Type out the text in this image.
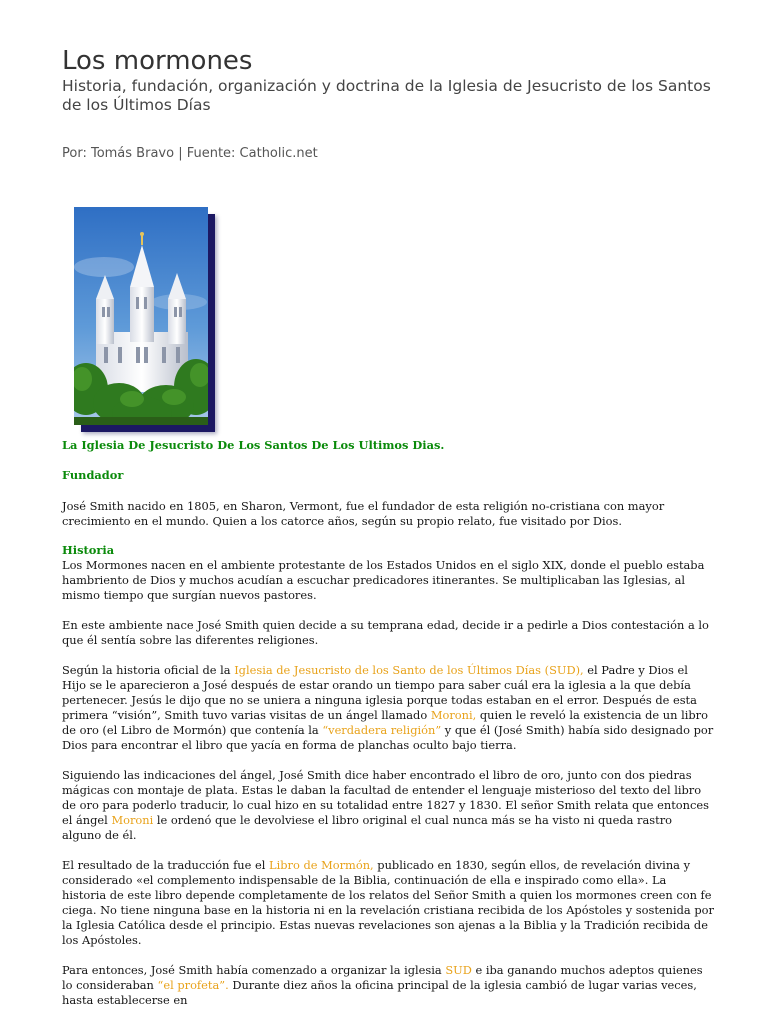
Los mormones
Historia, fundación, organización y doctrina de la Iglesia de Jesucristo de los Santos de los Últimos Días
Por: Tomás Bravo | Fuente: Catholic.net

La Iglesia De Jesucristo De Los Santos De Los Ultimos Dias.

Fundador

José Smith nacido en 1805, en Sharon, Vermont, fue el fundador de esta religión no-cristiana con mayor crecimiento en el mundo. Quien a los catorce años, según su propio relato, fue visitado por Dios.

Historia

Los Mormones nacen en el ambiente protestante de los Estados Unidos en el siglo XIX, donde el pueblo estaba hambriento de Dios y muchos acudían a escuchar predicadores itinerantes. Se multiplicaban las Iglesias, al mismo tiempo que surgían nuevos pastores.

En este ambiente nace José Smith quien decide a su temprana edad, decide ir a pedirle a Dios contestación a lo que él sentía sobre las diferentes religiones.

Según la historia oficial de la Iglesia de Jesucristo de los Santo de los Últimos Días (SUD), el Padre y Dios el Hijo se le aparecieron a José después de estar orando un tiempo para saber cuál era la iglesia a la que debía pertenecer. Jesús le dijo que no se uniera a ninguna iglesia porque todas estaban en el error. Después de esta primera “visión”, Smith tuvo varias visitas de un ángel llamado Moroni, quien le reveló la existencia de un libro de oro (el Libro de Mormón) que contenía la “verdadera religión” y que él (José Smith) había sido designado por Dios para encontrar el libro que yacía en forma de planchas oculto bajo tierra.

Siguiendo las indicaciones del ángel, José Smith dice haber encontrado el libro de oro, junto con dos piedras mágicas con montaje de plata. Estas le daban la facultad de entender el lenguaje misterioso del texto del libro de oro para poderlo traducir, lo cual hizo en su totalidad entre 1827 y 1830. El señor Smith relata que entonces el ángel Moroni le ordenó que le devolviese el libro original el cual nunca más se ha visto ni queda rastro alguno de él.

El resultado de la traducción fue el Libro de Mormón, publicado en 1830, según ellos, de revelación divina y considerado «el complemento indispensable de la Biblia, continuación de ella e inspirado como ella». La historia de este libro depende completamente de los relatos del Señor Smith a quien los mormones creen con fe ciega. No tiene ninguna base en la historia ni en la revelación cristiana recibida de los Apóstoles y sostenida por la Iglesia Católica desde el principio. Estas nuevas revelaciones son ajenas a la Biblia y la Tradición recibida de los Apóstoles.

Para entonces, José Smith había comenzado a organizar la iglesia SUD e iba ganando muchos adeptos quienes lo consideraban “el profeta”. Durante diez años la oficina principal de la iglesia cambió de lugar varias veces, hasta establecerse en
